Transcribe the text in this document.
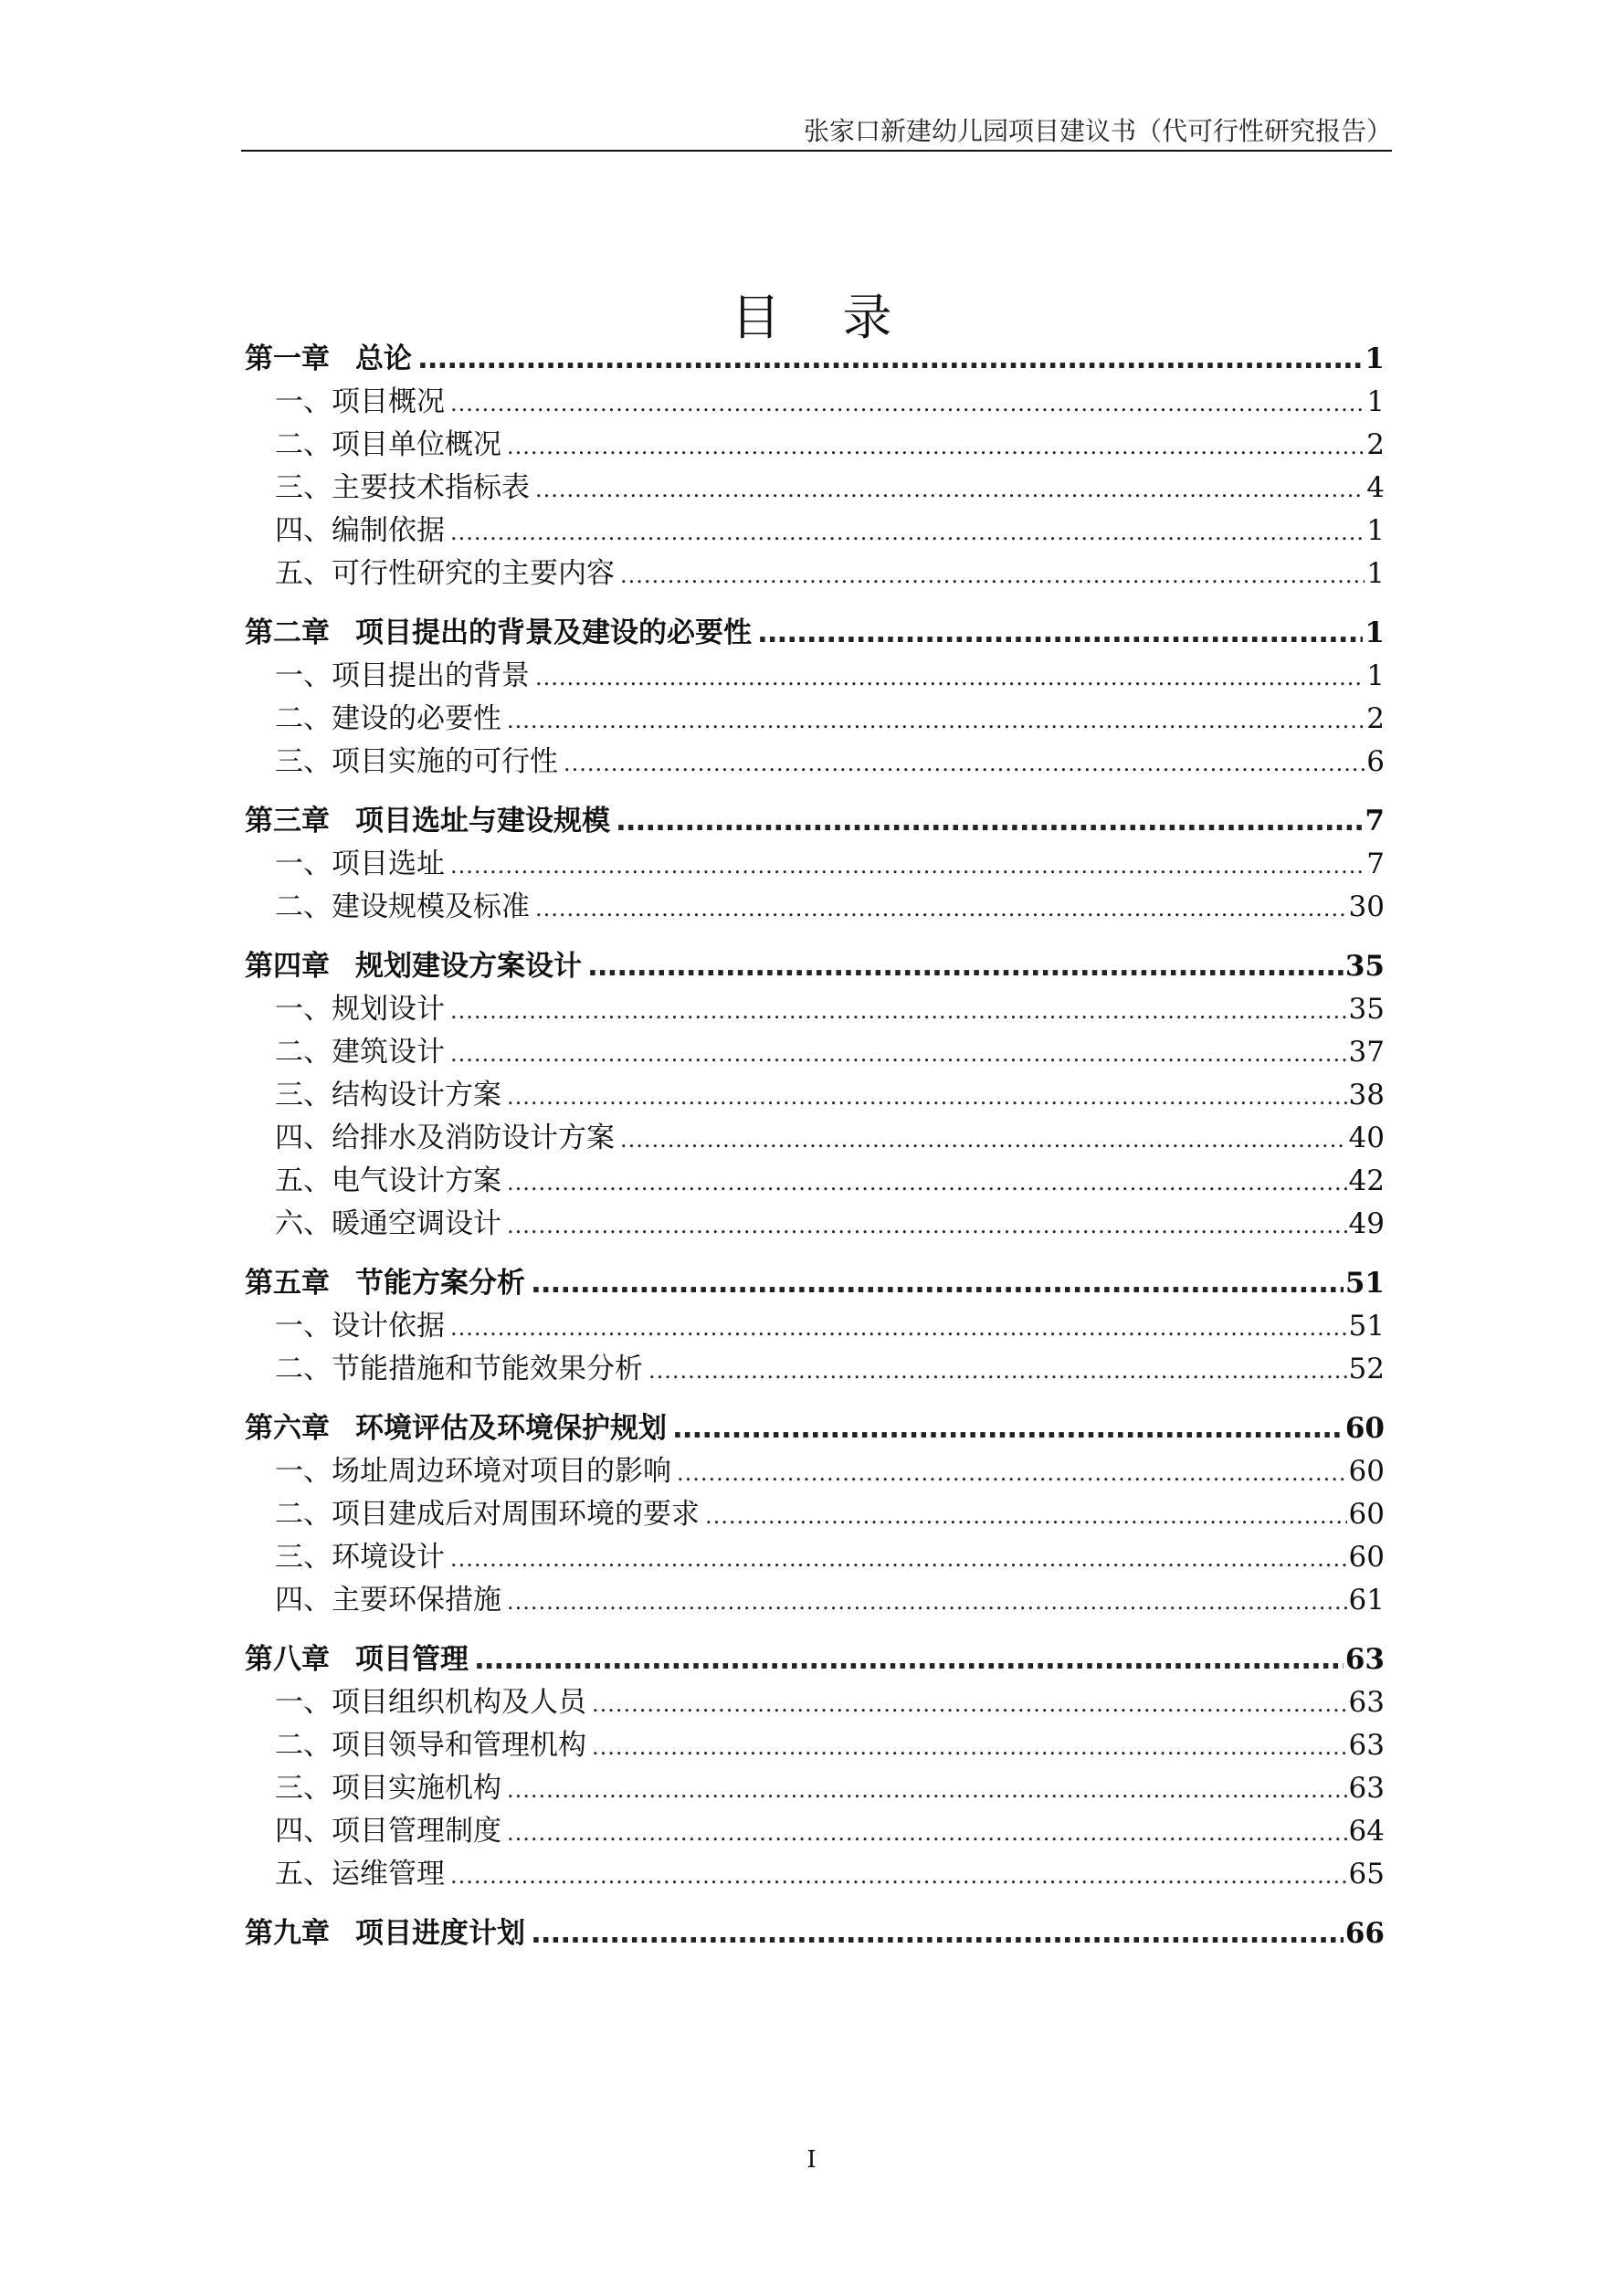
张家口新建幼儿园项目建议书（代可行性研究报告）
目录
第一章 总论 .....	1
一、项目概况 .....	1
二、项目单位概况 .....	2
三、主要技术指标表 .....	4
四、编制依据 .....	1
五、可行性研究的主要内容 .....	1
第二章 项目提出的背景及建设的必要性 .....	1
一、项目提出的背景 .....	1
二、建设的必要性 .....	2
三、项目实施的可行性 .....	6
第三章 项目选址与建设规模 .....	7
一、项目选址 .....	7
二、建设规模及标准 .....	30
第四章 规划建设方案设计 .....	35
一、规划设计 .....	35
二、建筑设计 .....	37
三、结构设计方案 .....	38
四、给排水及消防设计方案 .....	40
五、电气设计方案 .....	42
六、暖通空调设计 .....	49
第五章 节能方案分析 .....	51
一、设计依据 .....	51
二、节能措施和节能效果分析 .....	52
第六章 环境评估及环境保护规划 .....	60
一、场址周边环境对项目的影响 .....	60
二、项目建成后对周围环境的要求 .....	60
三、环境设计 .....	60
四、主要环保措施 .....	61
第八章 项目管理 .....	63
一、项目组织机构及人员 .....	63
二、项目领导和管理机构 .....	63
三、项目实施机构 .....	63
四、项目管理制度 .....	64
五、运维管理 .....	65
第九章 项目进度计划 .....	66
I
